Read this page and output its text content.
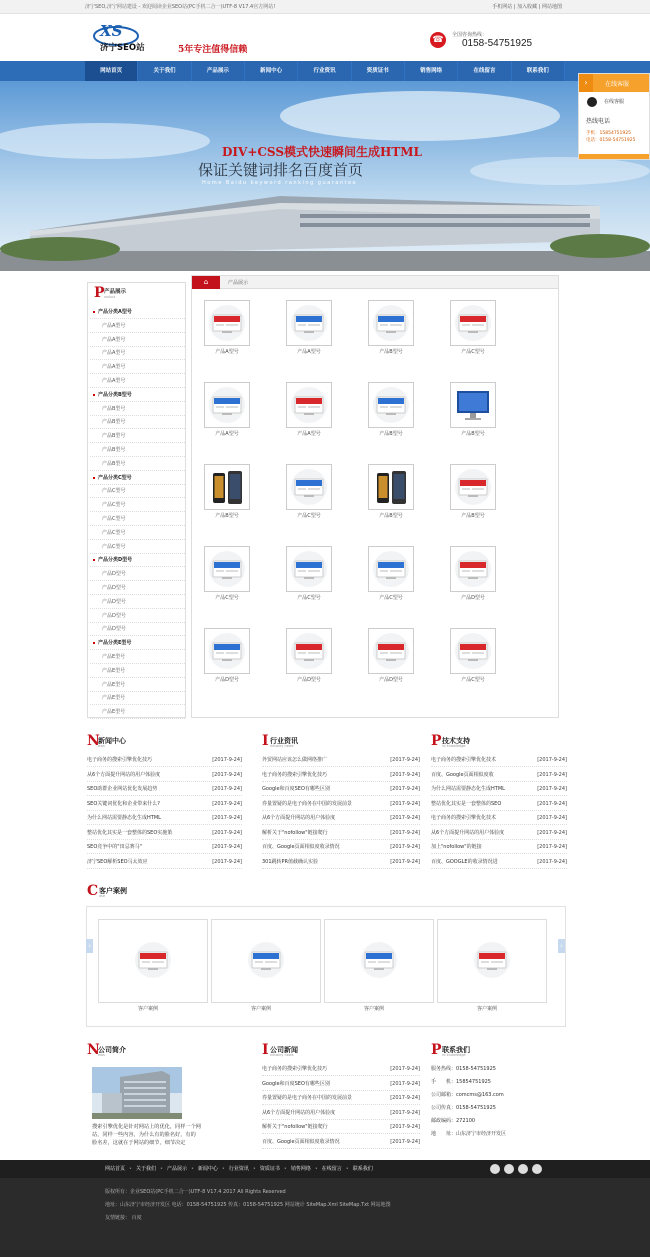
济宁SEO,济宁网站建设 - 欢迎阅读企业SEO站(PC手机二合一)UTF-8 V17.4官方网站!	手机网站 | 加入收藏 | 网站地图
XS
济宁SEO站	5年专注值得信赖
☎	全国咨询热线：
0158-54751925
网站首页	关于我们	产品展示	新闻中心	行业资讯	资质证书	销售网络	在线留言	联系我们
DIV+CSS模式快速瞬间生成HTML
保证关键词排名百度首页
Home Baidu keyword ranking guarantee
›	在线客服
在线客服
热线电话
手机：15854751925
电话：0158-54751925
P 产品展示
roduct
产品分类A型号
产品A型号
产品A型号
产品A型号
产品A型号
产品A型号
产品分类B型号
产品B型号
产品B型号
产品B型号
产品B型号
产品B型号
产品分类C型号
产品C型号
产品C型号
产品C型号
产品C型号
产品C型号
产品分类D型号
产品D型号
产品D型号
产品D型号
产品D型号
产品D型号
产品分类E型号
产品E型号
产品E型号
产品E型号
产品E型号
产品E型号
⌂	产品展示
产品A型号	产品A型号	产品B型号	产品C型号
产品A型号	产品A型号	产品B型号	产品B型号
产品B型号	产品C型号	产品B型号	产品B型号
产品C型号	产品C型号	产品C型号	产品D型号
产品D型号	产品D型号	产品D型号	产品C型号
N
新闻中心
ews
电子商务的搜索引擎优化技巧	[2017-9-24]
从6个方面提升网站的用户体验度	[2017-9-24]
SEO助群企业网站优化发展趋势	[2017-9-24]
SEO关键词优化和企业带来什么?	[2017-9-24]
为什么网站需要静态化生成HTML	[2017-9-24]
整站优化其实是一套整体的SEO实施策	[2017-9-24]
SEO竞争中的"田忌赛马"	[2017-9-24]
济宁SEO解析SEO马太效应	[2017-9-24]
I 行业资讯
ndustry news
外贸网站应该怎么做网络推广	[2017-9-24]
电子商务的搜索引擎优化技巧	[2017-9-24]
Google和百度SEO有哪些区别	[2017-9-24]
券量置疑的是电子商务在中国的发展前景	[2017-9-24]
从6个方面提升网站的用户体验度	[2017-9-24]
解析关于"nofollow"链接爬行	[2017-9-24]
百度、Google页面相似度收录情况	[2017-9-24]
301跳转PR值截确认实验	[2017-9-24]
P 技术支持
ro knowledge
电子商务的搜索引擎优化技术	[2017-9-24]
百度、Google页面相似度收	[2017-9-24]
为什么网站需要静态化生成HTML	[2017-9-24]
整站优化其实是一套整体的SEO	[2017-9-24]
电子商务的搜索引擎优化技术	[2017-9-24]
从6个方面提升网站的用户体验度	[2017-9-24]
加上"nofollow"的链接	[2017-9-24]
百度、GOOGLE的收录情况进	[2017-9-24]
C 客户案例
ase
‹	›
客户案例	客户案例	客户案例	客户案例
N
公司简介
ews
搜索引擎优化是针对网站上的优化，同样一个网
站，同样一些内容，为什么有的脸名好，有的
脸名差，这就在于网站的细节，细节决定
I 公司新闻
ndustry news
电子商务的搜索引擎优化技巧	[2017-9-24]
Google和百度SEO有哪些区别	[2017-9-24]
券量置疑的是电子商务在中国的发展前景	[2017-9-24]
从6个方面提升网站的用户体验度	[2017-9-24]
解析关于"nofollow"链接爬行	[2017-9-24]
百度、Google页面相似度收录情况	[2017-9-24]
P 联系我们
ro knowledge
服务热线：0158-54751925
手　　机：15854751925
公司邮箱：comcms@163.com
公司传真：0158-54751925
邮政编码：272100
地　　址：山东济宁市经济开发区
网站首页 • 关于我们 • 产品展示 • 新闻中心 • 行业资讯 • 资质证书 • 销售网络 • 在线留言 • 联系我们
版权所有：企业SEO站(PC手机二合一)UTF-8 V17.4 2017 All Rights Reserved
地址：山东济宁市经济开发区 电话：0158-54751925 传真：0158-54751925 网站统计 SiteMap.Xml SiteMap.Txt 网站地图
友情链接： 百度
